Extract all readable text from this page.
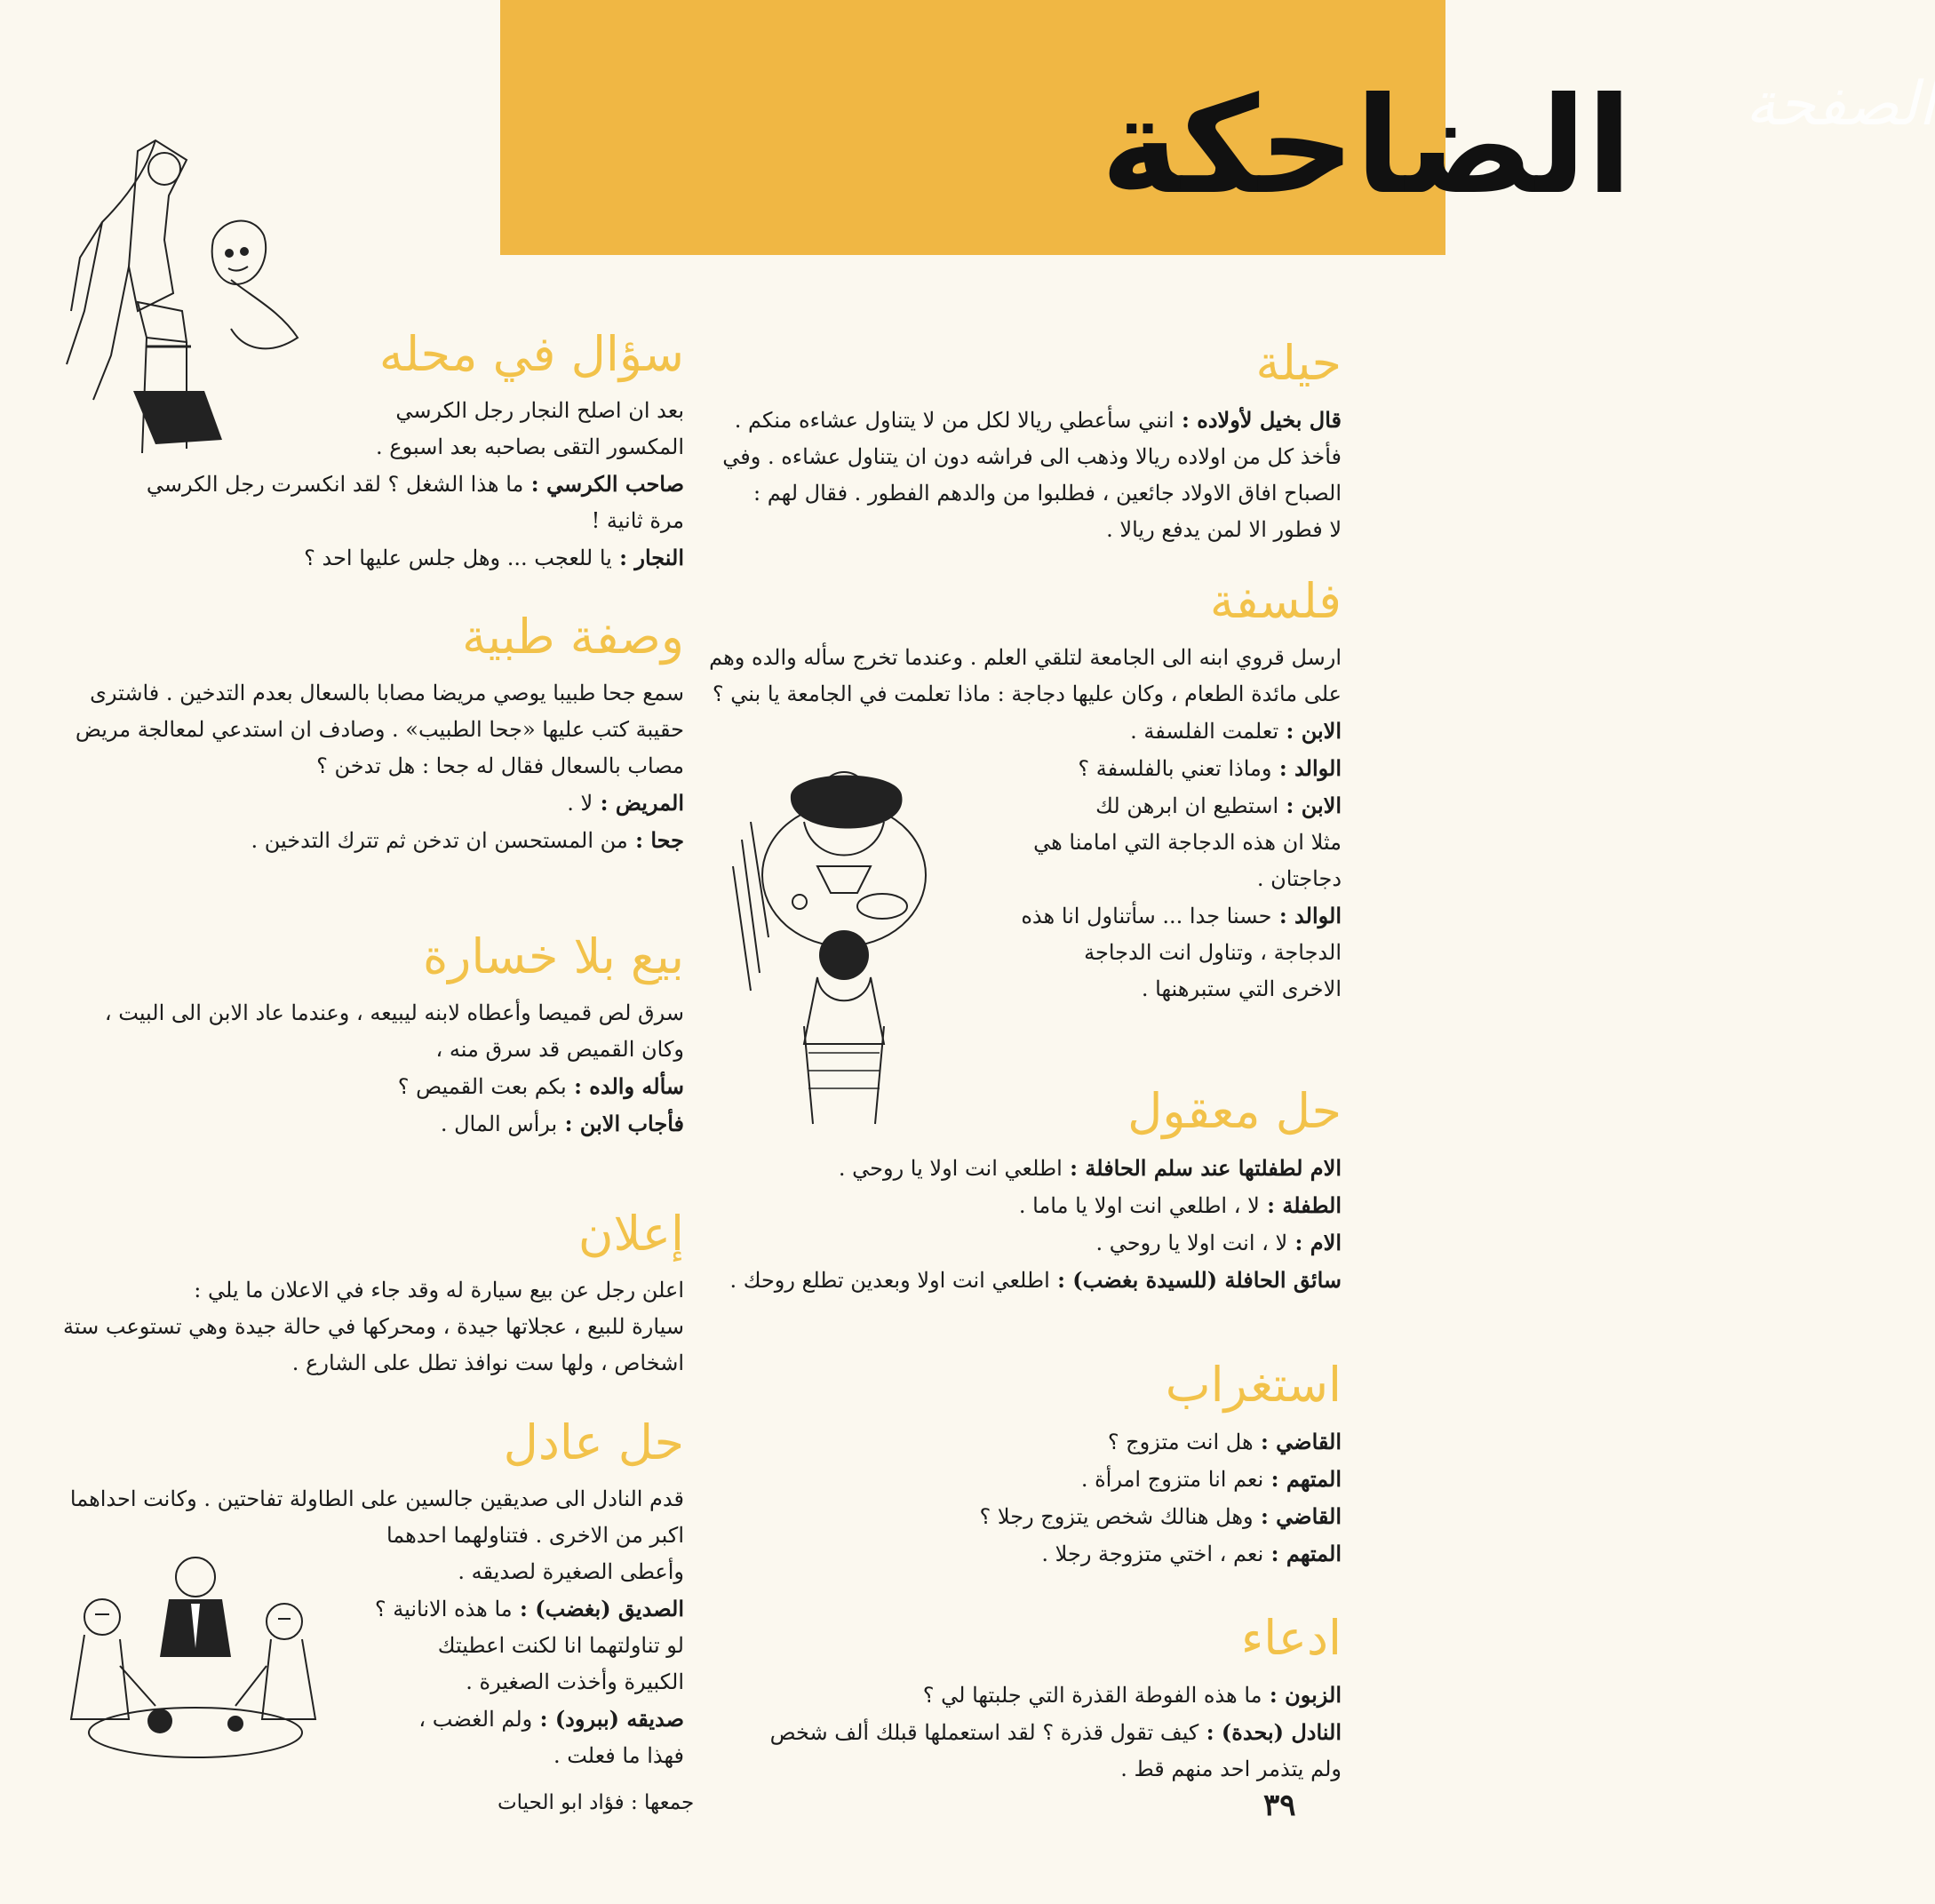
الصفحة
الضاحكة
حيلة
قال بخيل لأولاده : انني سأعطي ريالا لكل من لا يتناول عشاءه منكم .
فأخذ كل من اولاده ريالا وذهب الى فراشه دون ان يتناول عشاءه . وفي
الصباح افاق الاولاد جائعين ، فطلبوا من والدهم الفطور . فقال لهم :
لا فطور الا لمن يدفع ريالا .
فلسفة
ارسل قروي ابنه الى الجامعة لتلقي العلم . وعندما تخرج سأله والده وهم
على مائدة الطعام ، وكان عليها دجاجة : ماذا تعلمت في الجامعة يا بني ؟
الابن : تعلمت الفلسفة .
الوالد : وماذا تعني بالفلسفة ؟
الابن : استطيع ان ابرهن لك
مثلا ان هذه الدجاجة التي امامنا هي
دجاجتان .
الوالد : حسنا جدا ... سأتناول انا هذه
الدجاجة ، وتناول انت الدجاجة
الاخرى التي ستبرهنها .
حل معقول
الام لطفلتها عند سلم الحافلة : اطلعي انت اولا يا روحي .
الطفلة : لا ، اطلعي انت اولا يا ماما .
الام : لا ، انت اولا يا روحي .
سائق الحافلة (للسيدة بغضب) : اطلعي انت اولا وبعدين تطلع روحك .
استغراب
القاضي : هل انت متزوج ؟
المتهم : نعم انا متزوج امرأة .
القاضي : وهل هنالك شخص يتزوج رجلا ؟
المتهم : نعم ، اختي متزوجة رجلا .
ادعاء
الزبون : ما هذه الفوطة القذرة التي جلبتها لي ؟
النادل (بحدة) : كيف تقول قذرة ؟ لقد استعملها قبلك ألف شخص
ولم يتذمر احد منهم قط .
سؤال في محله
بعد ان اصلح النجار رجل الكرسي
المكسور التقى بصاحبه بعد اسبوع .
صاحب الكرسي : ما هذا الشغل ؟ لقد انكسرت رجل الكرسي
مرة ثانية !
النجار : يا للعجب ... وهل جلس عليها احد ؟
وصفة طبية
سمع جحا طبيبا يوصي مريضا مصابا بالسعال بعدم التدخين . فاشترى
حقيبة كتب عليها «جحا الطبيب» . وصادف ان استدعي لمعالجة مريض
مصاب بالسعال فقال له جحا : هل تدخن ؟
المريض : لا .
جحا : من المستحسن ان تدخن ثم تترك التدخين .
بيع بلا خسارة
سرق لص قميصا وأعطاه لابنه ليبيعه ، وعندما عاد الابن الى البيت ،
وكان القميص قد سرق منه ،
سأله والده : بكم بعت القميص ؟
فأجاب الابن : برأس المال .
إعلان
اعلن رجل عن بيع سيارة له وقد جاء في الاعلان ما يلي :
سيارة للبيع ، عجلاتها جيدة ، ومحركها في حالة جيدة وهي تستوعب ستة
اشخاص ، ولها ست نوافذ تطل على الشارع .
حل عادل
قدم النادل الى صديقين جالسين على الطاولة تفاحتين . وكانت احداهما
اكبر من الاخرى . فتناولهما احدهما
وأعطى الصغيرة لصديقه .
الصديق (بغضب) : ما هذه الانانية ؟
لو تناولتهما انا لكنت اعطيتك
الكبيرة وأخذت الصغيرة .
صديقه (ببرود) : ولم الغضب ،
فهذا ما فعلت .
٣٩
جمعها : فؤاد ابو الحيات
